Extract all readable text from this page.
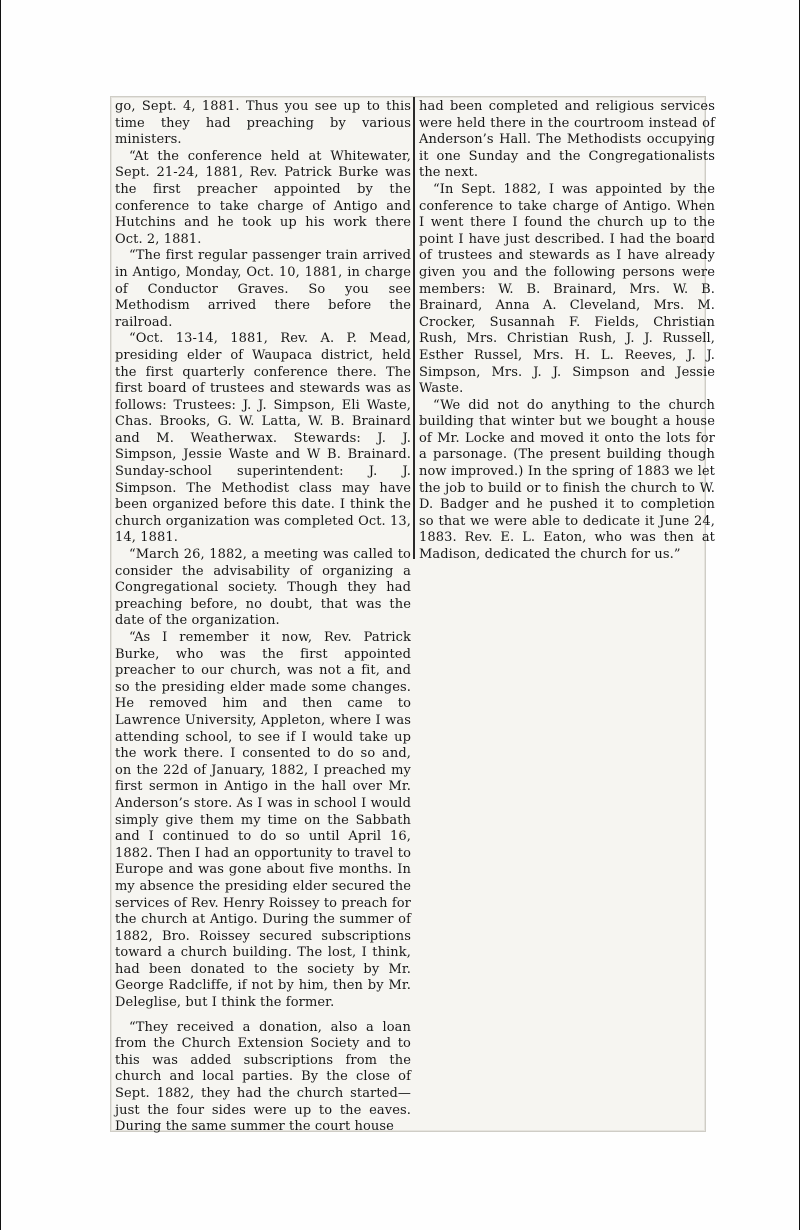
go, Sept. 4, 1881. Thus you see up to this time they had preaching by various ministers.

“At the conference held at Whitewater, Sept. 21-24, 1881, Rev. Patrick Burke was the first preacher appointed by the conference to take charge of Antigo and Hutchins and he took up his work there Oct. 2, 1881.

“The first regular passenger train arrived in Antigo, Monday, Oct. 10, 1881, in charge of Conductor Graves. So you see Methodism arrived there before the railroad.

“Oct. 13-14, 1881, Rev. A. P. Mead, presiding elder of Waupaca district, held the first quarterly conference there. The first board of trustees and stewards was as follows: Trustees: J. J. Simpson, Eli Waste, Chas. Brooks, G. W. Latta, W. B. Brainard and M. Weatherwax. Stewards: J. J. Simpson, Jessie Waste and W B. Brainard. Sunday-school superintendent: J. J. Simpson. The Methodist class may have been organized before this date. I think the church organization was completed Oct. 13, 14, 1881.

“March 26, 1882, a meeting was called to consider the advisability of organizing a Congregational society. Though they had preaching before, no doubt, that was the date of the organization.

“As I remember it now, Rev. Patrick Burke, who was the first appointed preacher to our church, was not a fit, and so the presiding elder made some changes. He removed him and then came to Lawrence University, Appleton, where I was attending school, to see if I would take up the work there. I consented to do so and, on the 22d of January, 1882, I preached my first sermon in Antigo in the hall over Mr. Anderson’s store. As I was in school I would simply give them my time on the Sabbath and I continued to do so until April 16, 1882. Then I had an opportunity to travel to Europe and was gone about five months. In my absence the presiding elder secured the services of Rev. Henry Roissey to preach for the church at Antigo. During the summer of 1882, Bro. Roissey secured subscriptions toward a church building. The lost, I think, had been donated to the society by Mr. George Radcliffe, if not by him, then by Mr. Deleglise, but I think the former.

“They received a donation, also a loan from the Church Extension Society and to this was added subscriptions from the church and local parties. By the close of Sept. 1882, they had the church started—just the four sides were up to the eaves. During the same summer the court house

had been completed and religious services were held there in the courtroom instead of Anderson’s Hall. The Methodists occupying it one Sunday and the Congregationalists the next.

“In Sept. 1882, I was appointed by the conference to take charge of Antigo. When I went there I found the church up to the point I have just described. I had the board of trustees and stewards as I have already given you and the following persons were members: W. B. Brainard, Mrs. W. B. Brainard, Anna A. Cleveland, Mrs. M. Crocker, Susannah F. Fields, Christian Rush, Mrs. Christian Rush, J. J. Russell, Esther Russel, Mrs. H. L. Reeves, J. J. Simpson, Mrs. J. J. Simpson and Jessie Waste.

“We did not do anything to the church building that winter but we bought a house of Mr. Locke and moved it onto the lots for a parsonage. (The present building though now improved.) In the spring of 1883 we let the job to build or to finish the church to W. D. Badger and he pushed it to completion so that we were able to dedicate it June 24, 1883. Rev. E. L. Eaton, who was then at Madison, dedicated the church for us.”
